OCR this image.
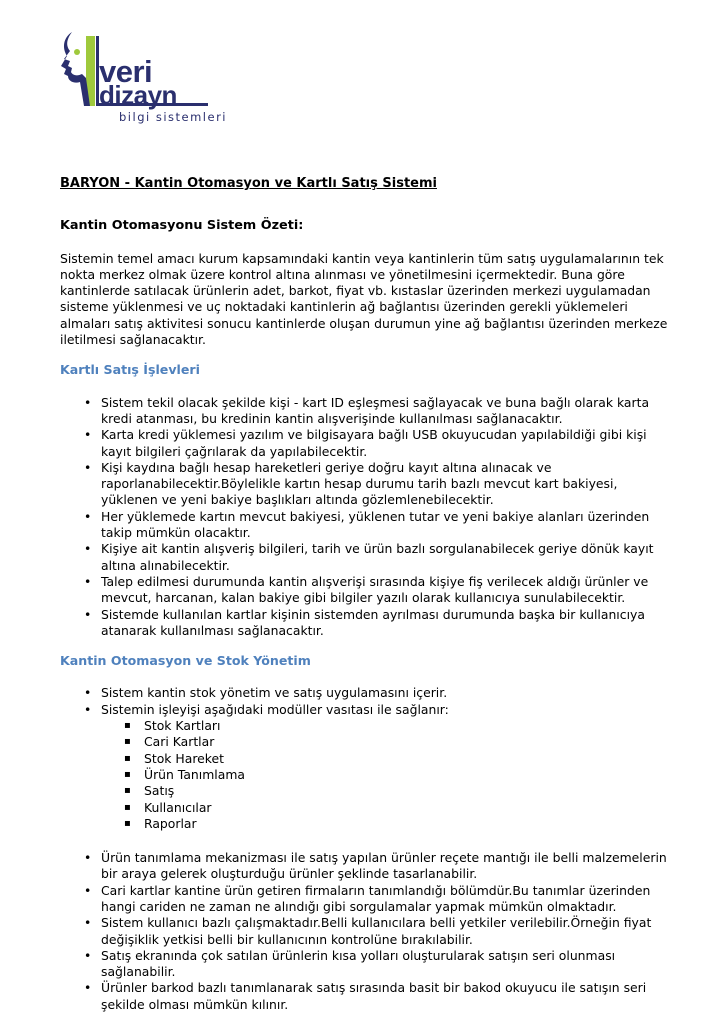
veri
dizayn
bilgi sistemleri

BARYON - Kantin Otomasyon ve Kartlı Satış Sistemi

Kantin Otomasyonu Sistem Özeti:

Sistemin temel amacı kurum kapsamındaki kantin veya kantinlerin tüm satış uygulamalarının tek nokta merkez olmak üzere kontrol altına alınması ve yönetilmesini içermektedir. Buna göre kantinlerde satılacak ürünlerin adet, barkot, fiyat vb. kıstaslar üzerinden merkezi uygulamadan sisteme yüklenmesi ve uç noktadaki kantinlerin ağ bağlantısı üzerinden gerekli yüklemeleri almaları satış aktivitesi sonucu kantinlerde oluşan durumun yine ağ bağlantısı üzerinden merkeze iletilmesi sağlanacaktır.

Kartlı Satış İşlevleri

• Sistem tekil olacak şekilde kişi - kart ID eşleşmesi sağlayacak ve buna bağlı olarak karta kredi atanması, bu kredinin kantin alışverişinde kullanılması sağlanacaktır.
• Karta kredi yüklemesi yazılım ve bilgisayara bağlı USB okuyucudan yapılabildiği gibi kişi kayıt bilgileri çağrılarak da yapılabilecektir.
• Kişi kaydına bağlı hesap hareketleri geriye doğru kayıt altına alınacak ve raporlanabilecektir.Böylelikle kartın hesap durumu tarih bazlı mevcut kart bakiyesi, yüklenen ve yeni bakiye başlıkları altında gözlemlenebilecektir.
• Her yüklemede kartın mevcut bakiyesi, yüklenen tutar ve yeni bakiye alanları üzerinden takip mümkün olacaktır.
• Kişiye ait kantin alışveriş bilgileri, tarih ve ürün bazlı sorgulanabilecek geriye dönük kayıt altına alınabilecektir.
• Talep edilmesi durumunda kantin alışverişi sırasında kişiye fiş verilecek aldığı ürünler ve mevcut, harcanan, kalan bakiye gibi bilgiler yazılı olarak kullanıcıya sunulabilecektir.
• Sistemde kullanılan kartlar kişinin sistemden ayrılması durumunda başka bir kullanıcıya atanarak kullanılması sağlanacaktır.

Kantin Otomasyon ve Stok Yönetim

• Sistem kantin stok yönetim ve satış uygulamasını içerir.
• Sistemin işleyişi aşağıdaki modüller vasıtası ile sağlanır:
▪ Stok Kartları
▪ Cari Kartlar
▪ Stok Hareket
▪ Ürün Tanımlama
▪ Satış
▪ Kullanıcılar
▪ Raporlar
• Ürün tanımlama mekanizması ile satış yapılan ürünler reçete mantığı ile belli malzemelerin bir araya gelerek oluşturduğu ürünler şeklinde tasarlanabilir.
• Cari kartlar kantine ürün getiren firmaların tanımlandığı bölümdür.Bu tanımlar üzerinden hangi cariden ne zaman ne alındığı gibi sorgulamalar yapmak mümkün olmaktadır.
• Sistem kullanıcı bazlı çalışmaktadır.Belli kullanıcılara belli yetkiler verilebilir.Örneğin fiyat değişiklik yetkisi belli bir kullanıcının kontrolüne bırakılabilir.
• Satış ekranında çok satılan ürünlerin kısa yolları oluşturularak satışın seri olunması sağlanabilir.
• Ürünler barkod bazlı tanımlanarak satış sırasında basit bir bakod okuyucu ile satışın seri şekilde olması mümkün kılınır.
